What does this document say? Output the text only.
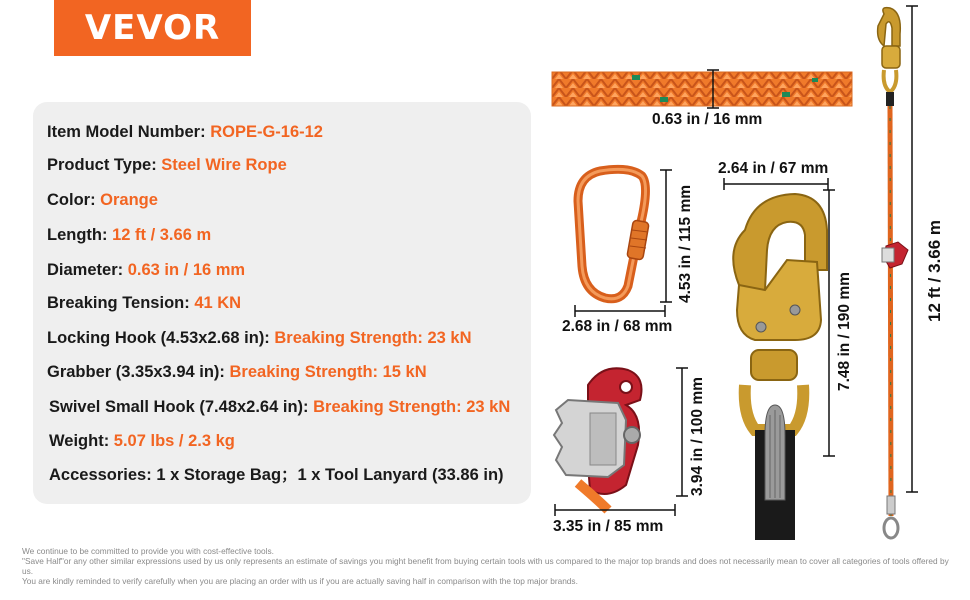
VEVOR
Item Model Number: ROPE-G-16-12
Product Type: Steel Wire Rope
Color: Orange
Length: 12 ft / 3.66 m
Diameter: 0.63 in / 16 mm
Breaking Tension: 41 KN
Locking Hook (4.53x2.68 in): Breaking Strength: 23 kN
Grabber (3.35x3.94 in): Breaking Strength: 15 kN
Swivel Small Hook (7.48x2.64 in): Breaking Strength: 23 kN
Weight: 5.07 lbs / 2.3 kg
Accessories: 1 x Storage Bag；1 x Tool Lanyard (33.86 in)
0.63 in / 16 mm
4.53 in / 115 mm
2.68 in / 68 mm
2.64 in / 67 mm
7.48 in / 190 mm
3.94 in / 100 mm
3.35 in / 85 mm
12 ft / 3.66 m
We continue to be committed to provide you with cost-effective tools.
"Save Half"or any other similar expressions used by us only represents an estimate of savings you might benefit from buying certain tools with us compared to the major top brands and does not necessarily mean to cover all categories of tools offered by us.
You are kindly reminded to verify carefully when you are placing an order with us if you are actually saving half in comparison with the top major brands.
